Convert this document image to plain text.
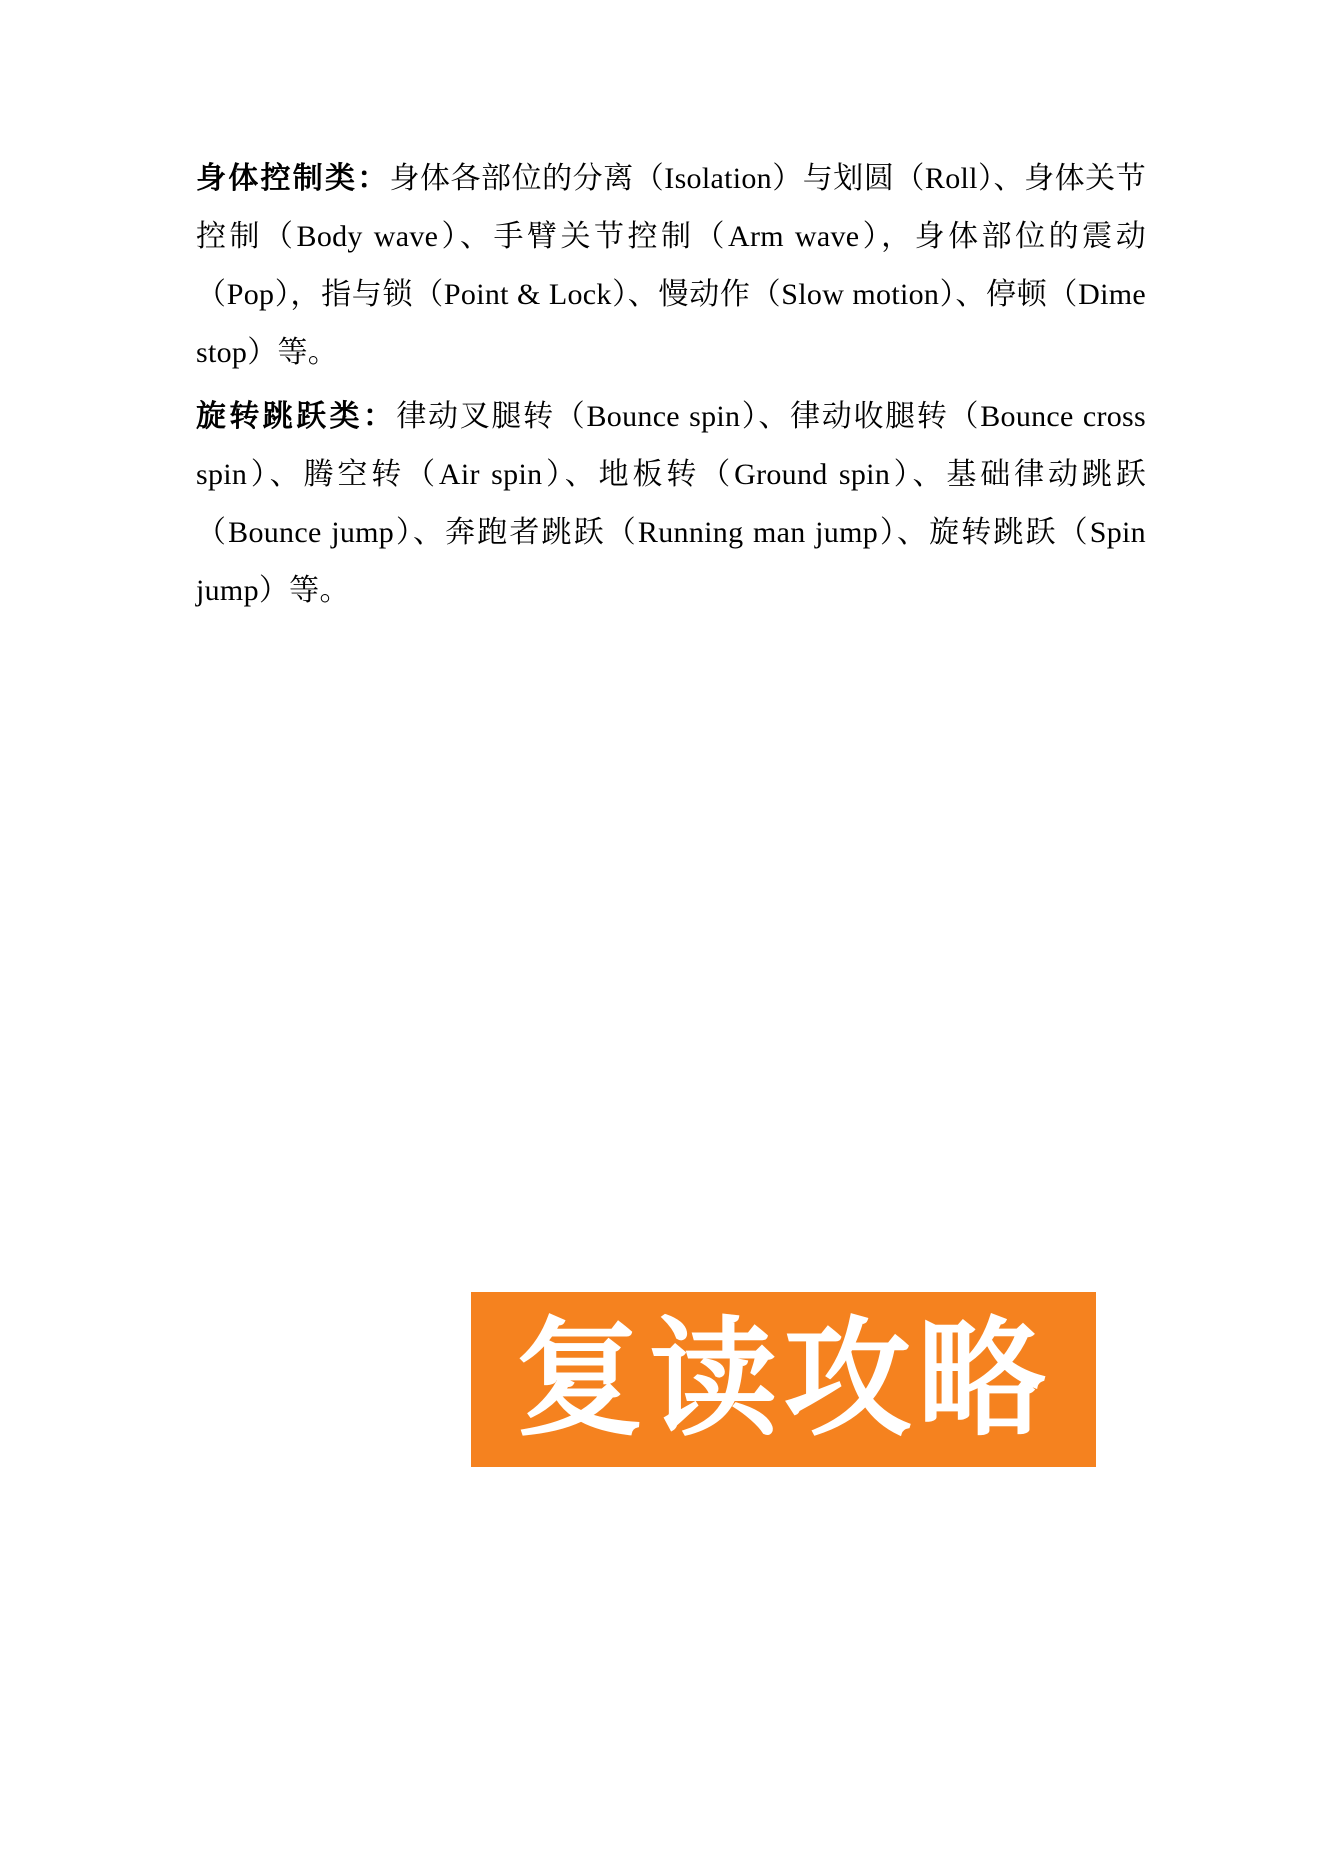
身体控制类：身体各部位的分离（Isolation）与划圆（Roll）、身体关节控制（Body wave）、手臂关节控制（Arm wave），身体部位的震动（Pop），指与锁（Point & Lock）、慢动作（Slow motion）、停顿（Dime stop）等。

旋转跳跃类：律动叉腿转（Bounce spin）、律动收腿转（Bounce cross spin）、腾空转（Air spin）、地板转（Ground spin）、基础律动跳跃（Bounce jump）、奔跑者跳跃（Running man jump）、旋转跳跃（Spin jump）等。

复读攻略
